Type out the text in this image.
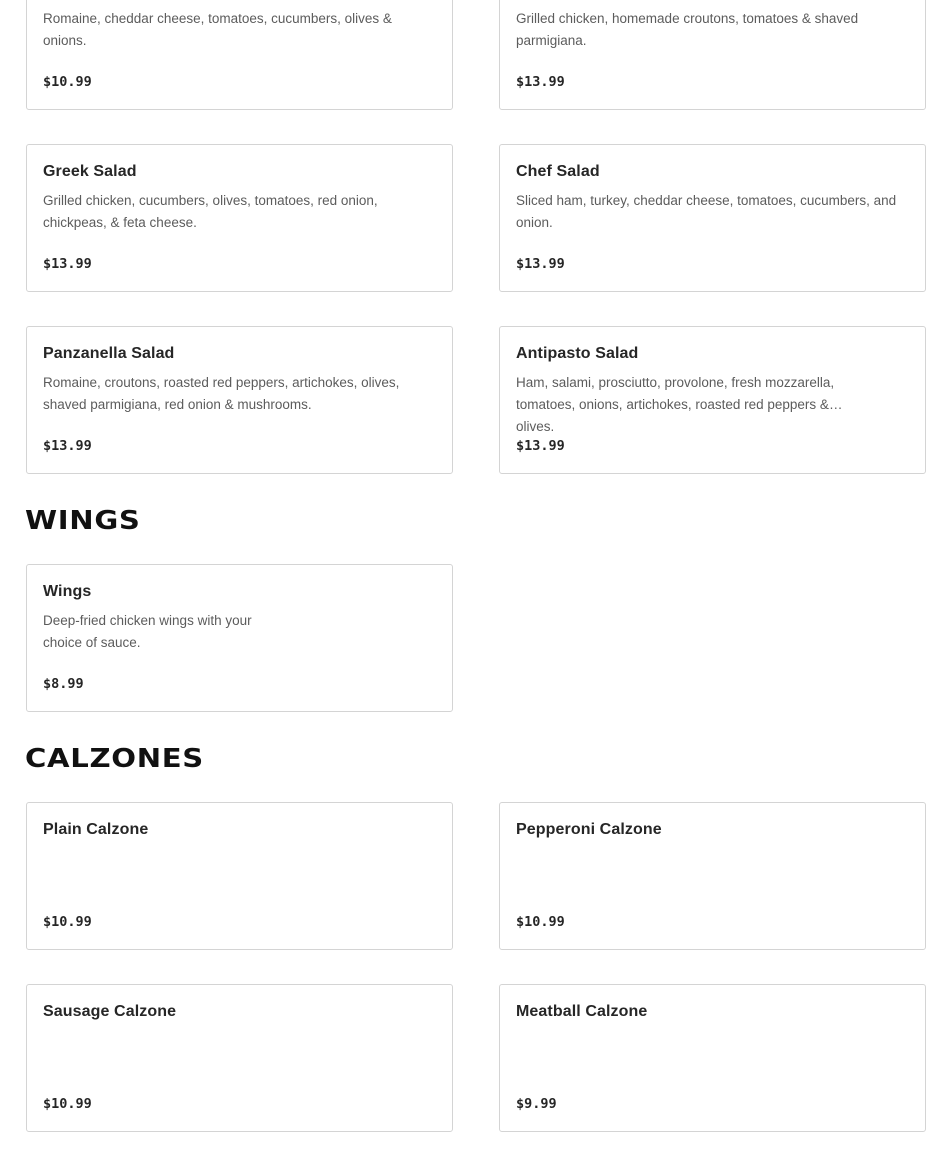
Romaine, cheddar cheese, tomatoes, cucumbers, olives & onions.
$10.99
Grilled chicken, homemade croutons, tomatoes & shaved parmigiana.
$13.99
Greek Salad
Grilled chicken, cucumbers, olives, tomatoes, red onion, chickpeas, & feta cheese.
$13.99
Chef Salad
Sliced ham, turkey, cheddar cheese, tomatoes, cucumbers, and onion.
$13.99
Panzanella Salad
Romaine, croutons, roasted red peppers, artichokes, olives, shaved parmigiana, red onion & mushrooms.
$13.99
Antipasto Salad
Ham, salami, prosciutto, provolone, fresh mozzarella, tomatoes, onions, artichokes, roasted red peppers & olives.
$13.99
WINGS
Wings
Deep-fried chicken wings with your choice of sauce.
$8.99
CALZONES
Plain Calzone
$10.99
Pepperoni Calzone
$10.99
Sausage Calzone
$10.99
Meatball Calzone
$9.99
